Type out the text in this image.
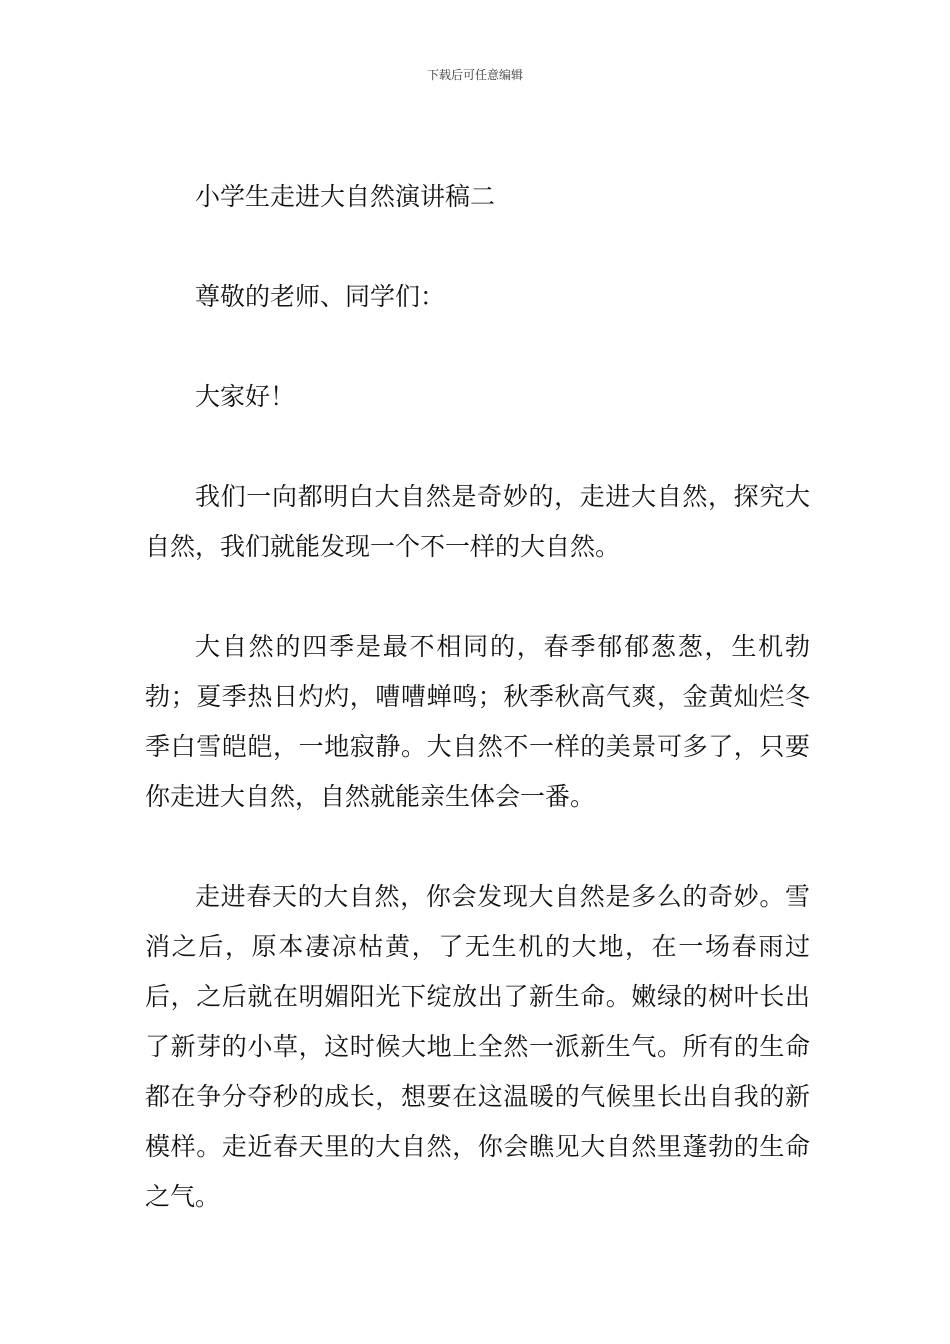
下载后可任意编辑

小学生走进大自然演讲稿二

尊敬的老师、同学们：

大家好！

我们一向都明白大自然是奇妙的，走进大自然，探究大自然，我们就能发现一个不一样的大自然。

大自然的四季是最不相同的，春季郁郁葱葱，生机勃勃；夏季热日灼灼，嘈嘈蝉鸣；秋季秋高气爽，金黄灿烂冬季白雪皑皑，一地寂静。大自然不一样的美景可多了，只要你走进大自然，自然就能亲生体会一番。

走进春天的大自然，你会发现大自然是多么的奇妙。雪消之后，原本凄凉枯黄，了无生机的大地，在一场春雨过后，之后就在明媚阳光下绽放出了新生命。嫩绿的树叶长出了新芽的小草，这时候大地上全然一派新生气。所有的生命都在争分夺秒的成长，想要在这温暖的气候里长出自我的新模样。走近春天里的大自然，你会瞧见大自然里蓬勃的生命之气。
